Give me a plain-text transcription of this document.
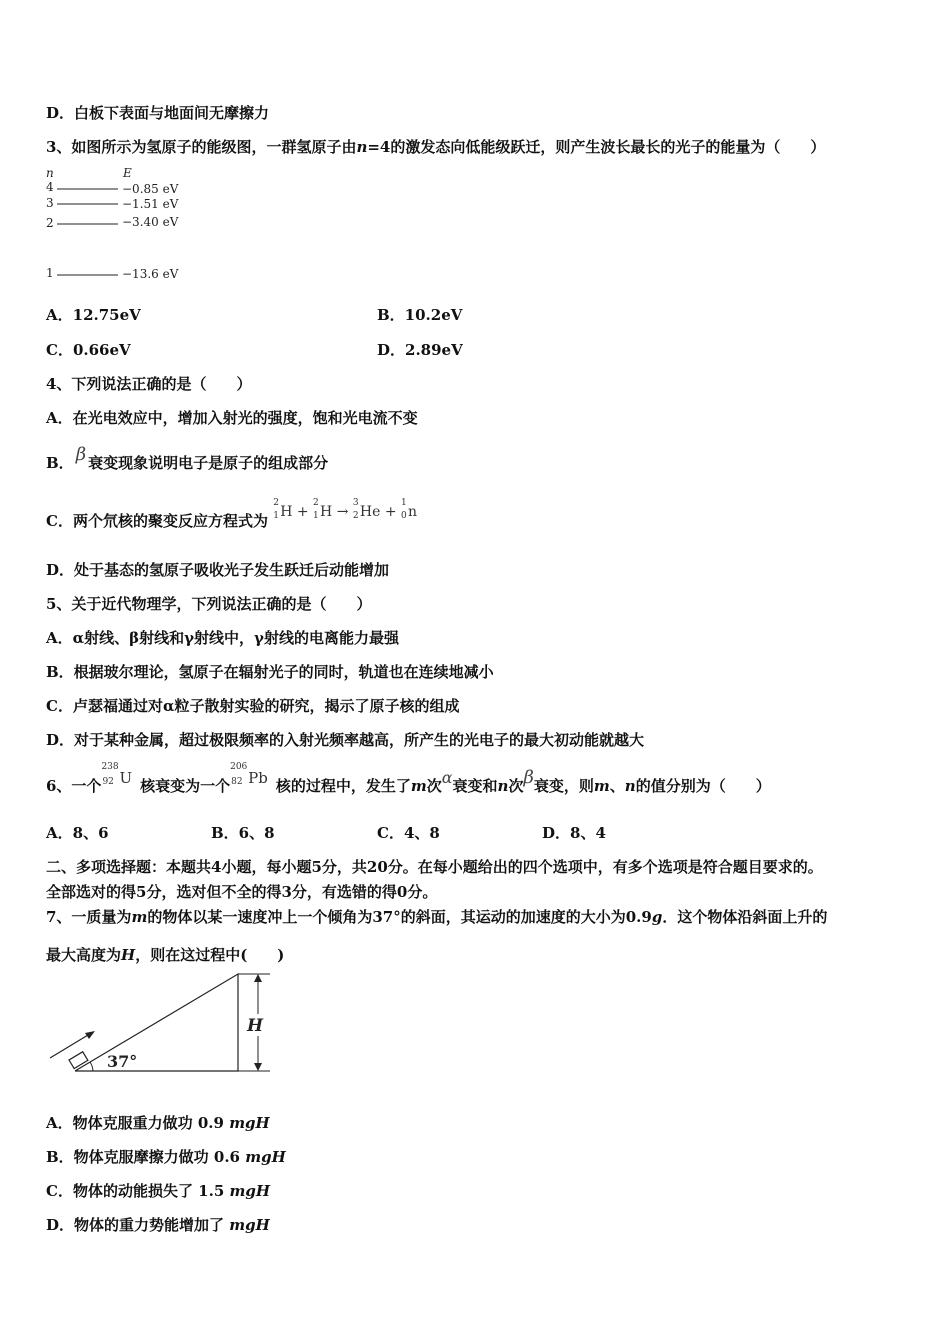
D．白板下表面与地面间无摩擦力
3、如图所示为氢原子的能级图，一群氢原子由n=4的激发态向低能级跃迁，则产生波长最长的光子的能量为（　　）
n	E
4	−0.85 eV
3	−1.51 eV
2	−3.40 eV
1	−13.6 eV
A．12.75eV	B．10.2eV
C．0.66eV	D．2.89eV
4、下列说法正确的是（　　）
A．在光电效应中，增加入射光的强度，饱和光电流不变
B． β 衰变现象说明电子是原子的组成部分
C．两个氘核的聚变反应方程式为
2
1 H +
2
1 H →
3
2 He +
1
0 n
D．处于基态的氢原子吸收光子发生跃迁后动能增加
5、关于近代物理学，下列说法正确的是（　　）
A．α射线、β射线和γ射线中，γ射线的电离能力最强
B．根据玻尔理论，氢原子在辐射光子的同时，轨道也在连续地减小
C．卢瑟福通过对α粒子散射实验的研究，揭示了原子核的组成
D．对于某种金属，超过极限频率的入射光频率越高，所产生的光电子的最大初动能就越大
6、一个
238
92 U 核衰变为一个
206
82 Pb 核的过程中，发生了m次α衰变和n次β衰变，则m、n的值分别为（　　）
A．8、6	B．6、8	C．4、8	D．8、4
二、多项选择题：本题共4小题，每小题5分，共20分。在每小题给出的四个选项中，有多个选项是符合题目要求的。
全部选对的得5分，选对但不全的得3分，有选错的得0分。
7、一质量为m的物体以某一速度冲上一个倾角为37°的斜面，其运动的加速度的大小为0.9g．这个物体沿斜面上升的
最大高度为H，则在这过程中(　　)
37°
H
A．物体克服重力做功 0.9 mgH
B．物体克服摩擦力做功 0.6 mgH
C．物体的动能损失了 1.5 mgH
D．物体的重力势能增加了 mgH
